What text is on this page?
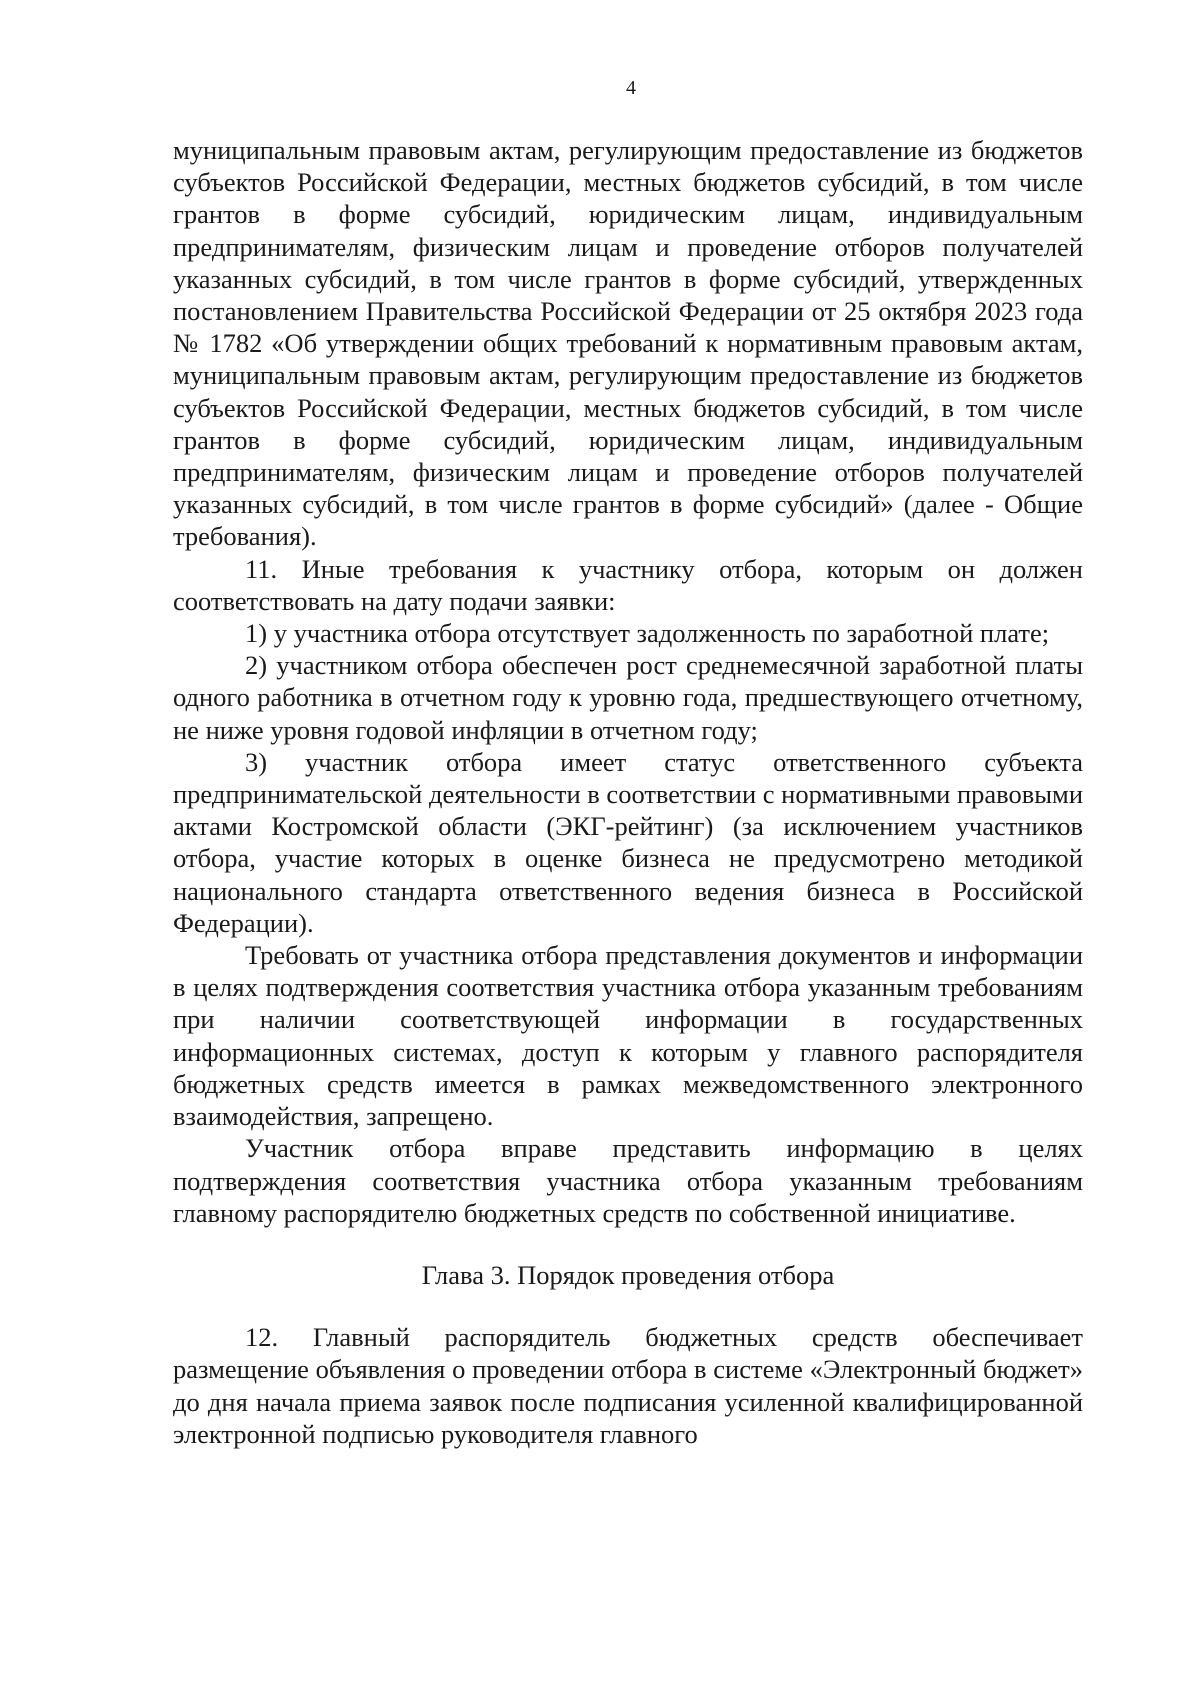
4

муниципальным правовым актам, регулирующим предоставление из бюджетов субъектов Российской Федерации, местных бюджетов субсидий, в том числе грантов в форме субсидий, юридическим лицам, индивидуальным предпринимателям, физическим лицам и проведение отборов получателей указанных субсидий, в том числе грантов в форме субсидий, утвержденных постановлением Правительства Российской Федерации от 25 октября 2023 года № 1782 «Об утверждении общих требований к нормативным правовым актам, муниципальным правовым актам, регулирующим предоставление из бюджетов субъектов Российской Федерации, местных бюджетов субсидий, в том числе грантов в форме субсидий, юридическим лицам, индивидуальным предпринимателям, физическим лицам и проведение отборов получателей указанных субсидий, в том числе грантов в форме субсидий» (далее - Общие требования).

11. Иные требования к участнику отбора, которым он должен соответствовать на дату подачи заявки:

1) у участника отбора отсутствует задолженность по заработной плате;

2) участником отбора обеспечен рост среднемесячной заработной платы одного работника в отчетном году к уровню года, предшествующего отчетному, не ниже уровня годовой инфляции в отчетном году;

3) участник отбора имеет статус ответственного субъекта предпринимательской деятельности в соответствии с нормативными правовыми актами Костромской области (ЭКГ-рейтинг) (за исключением участников отбора, участие которых в оценке бизнеса не предусмотрено методикой национального стандарта ответственного ведения бизнеса в Российской Федерации).

Требовать от участника отбора представления документов и информации в целях подтверждения соответствия участника отбора указанным требованиям при наличии соответствующей информации в государственных информационных системах, доступ к которым у главного распорядителя бюджетных средств имеется в рамках межведомственного электронного взаимодействия, запрещено.

Участник отбора вправе представить информацию в целях подтверждения соответствия участника отбора указанным требованиям главному распорядителю бюджетных средств по собственной инициативе.

Глава 3. Порядок проведения отбора

12. Главный распорядитель бюджетных средств обеспечивает размещение объявления о проведении отбора в системе «Электронный бюджет» до дня начала приема заявок после подписания усиленной квалифицированной электронной подписью руководителя главного
